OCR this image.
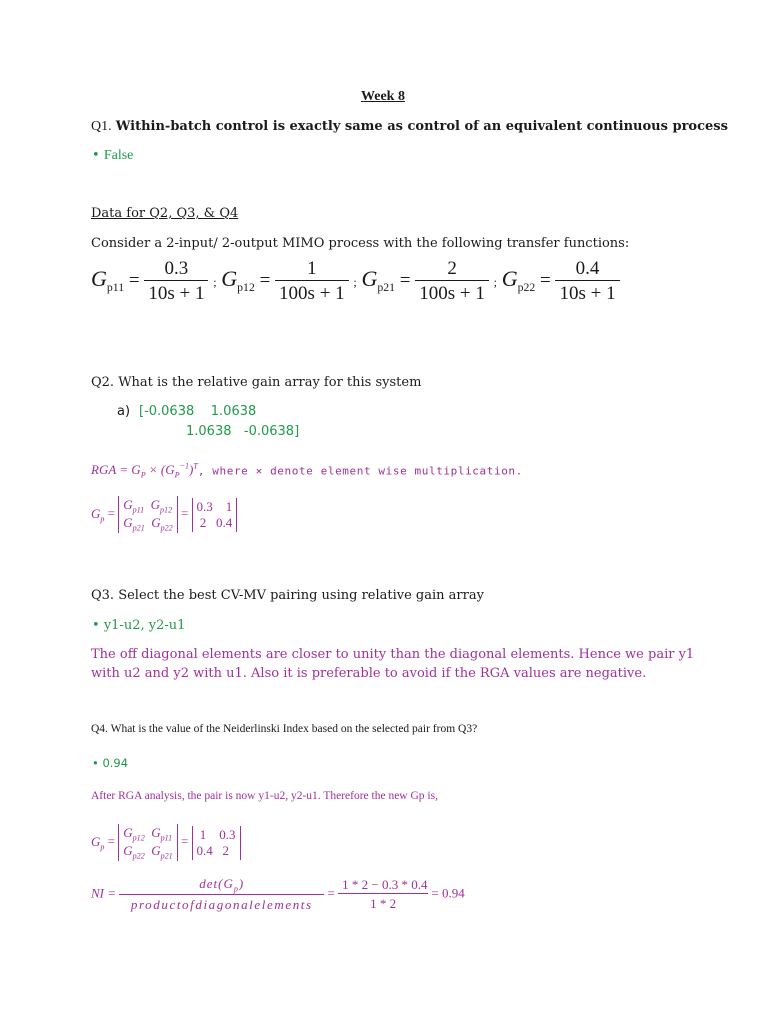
Week 8
Q1. Within-batch control is exactly same as control of an equivalent continuous process
• False
Data for Q2, Q3, & Q4
Consider a 2-input/ 2-output MIMO process with the following transfer functions:
$G_{p11} = \frac{0.3}{10s + 1}$ ; $G_{p12} = \frac{1}{100s + 1}$ ; $G_{p21} = \frac{2}{100s + 1}$ ; $G_{p22} = \frac{0.4}{10s + 1}$
Q2. What is the relative gain array for this system
a) [-0.0638    1.0638
1.0638   -0.0638]
RGA = $G_P \times (G_P^{-1})^T$, where × denote element wise multiplication.
$G_p$ =
$G_{p11}$ $G_{p12}$
$G_{p21}$ $G_{p22}$
= 0.3 1
2 0.4
Q3. Select the best CV-MV pairing using relative gain array
• y1-u2, y2-u1
The off diagonal elements are closer to unity than the diagonal elements. Hence we pair y1
with u2 and y2 with u1. Also it is preferable to avoid if the RGA values are negative.
Q4. What is the value of the Neiderlinski Index based on the selected pair from Q3?
• 0.94
After RGA analysis, the pair is now y1-u2, y2-u1. Therefore the new Gp is,
$G_p$ =
$G_{p12}$ $G_{p11}$
$G_{p22}$ $G_{p21}$
= 1 0.3
0.4 2
NI = $\frac{\det(G_p)}{\text{productofdiagonalelements}} = \frac{1 * 2 - 0.3 * 0.4}{1 * 2} = 0.94$
